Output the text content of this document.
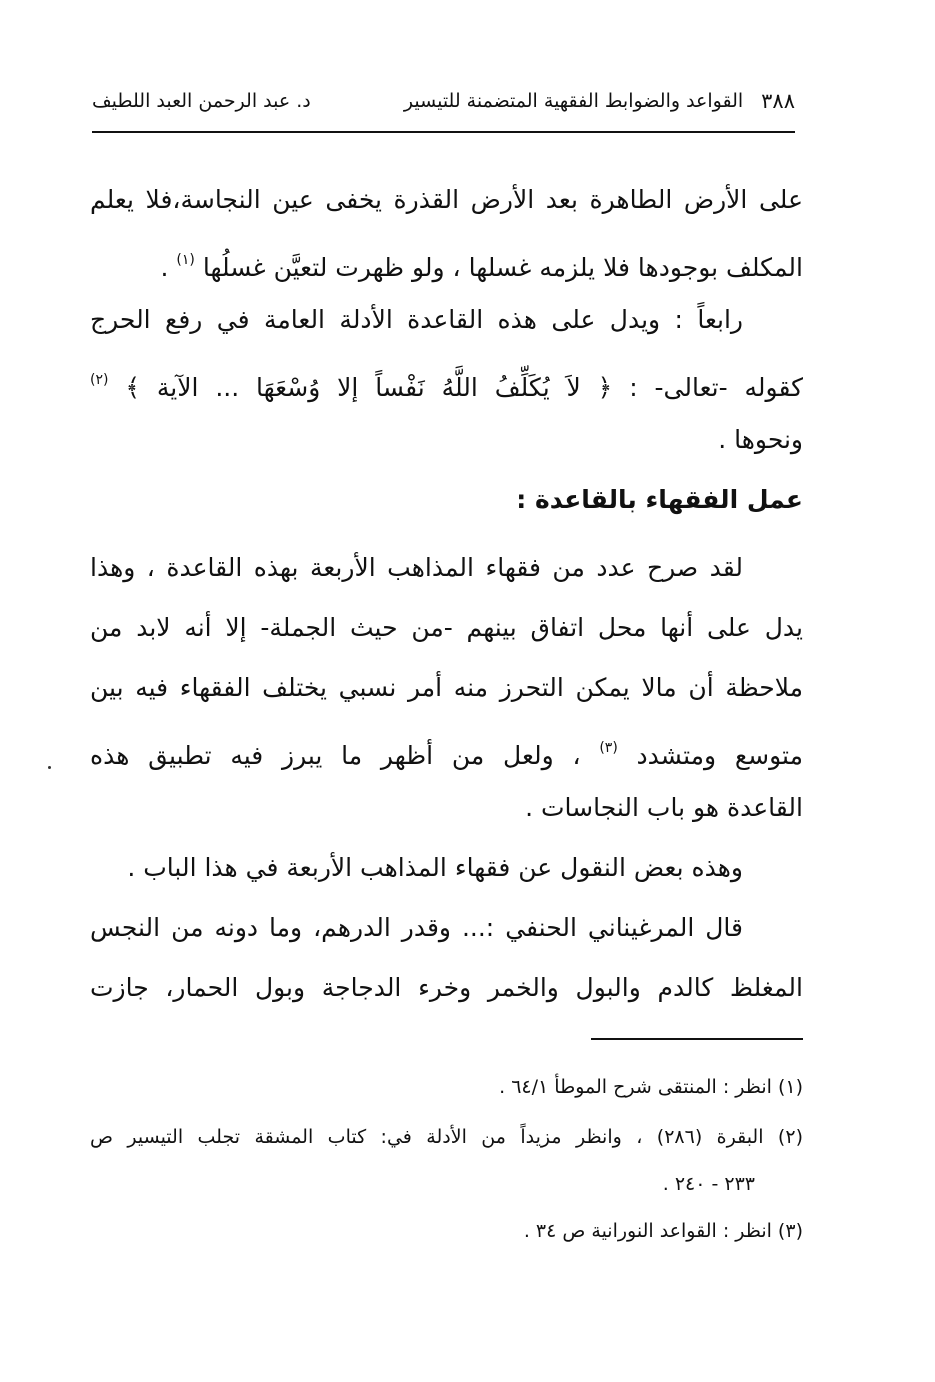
٣٨٨
القواعد والضوابط الفقهية المتضمنة للتيسير
د. عبد الرحمن العبد اللطيف
على الأرض الطاهرة بعد الأرض القذرة يخفى عين النجاسة،فلا يعلم
المكلف بوجودها فلا يلزمه غسلها ، ولو ظهرت لتعيَّن غسلُها $^{(١)}$ .
رابعاً : ويدل على هذه القاعدة الأدلة العامة في رفع الحرج
كقوله -تعالى- : ﴿ لاَ يُكَلِّفُ اللَّهُ نَفْساً إلا وُسْعَهَا ... الآية ﴾ $^{(٢)}$
ونحوها .
عمل الفقهاء بالقاعدة :
لقد صرح عدد من فقهاء المذاهب الأربعة بهذه القاعدة ، وهذا
يدل على أنها محل اتفاق بينهم -من حيث الجملة- إلا أنه لابد من
ملاحظة أن مالا يمكن التحرز منه أمر نسبي يختلف الفقهاء فيه بين
متوسع ومتشدد $^{(٣)}$ ، ولعل من أظهر ما يبرز فيه تطبيق هذه
القاعدة هو باب النجاسات .
وهذه بعض النقول عن فقهاء المذاهب الأربعة في هذا الباب .
قال المرغيناني الحنفي :... وقدر الدرهم، وما دونه من النجس
المغلظ كالدم والبول والخمر وخرء الدجاجة وبول الحمار، جازت
(١) انظر : المنتقى شرح الموطأ ٦٤/١ .
(٢) البقرة (٢٨٦) ، وانظر مزيداً من الأدلة في: كتاب المشقة تجلب التيسير ص
٢٣٣ - ٢٤٠ .
(٣) انظر : القواعد النورانية ص ٣٤ .
